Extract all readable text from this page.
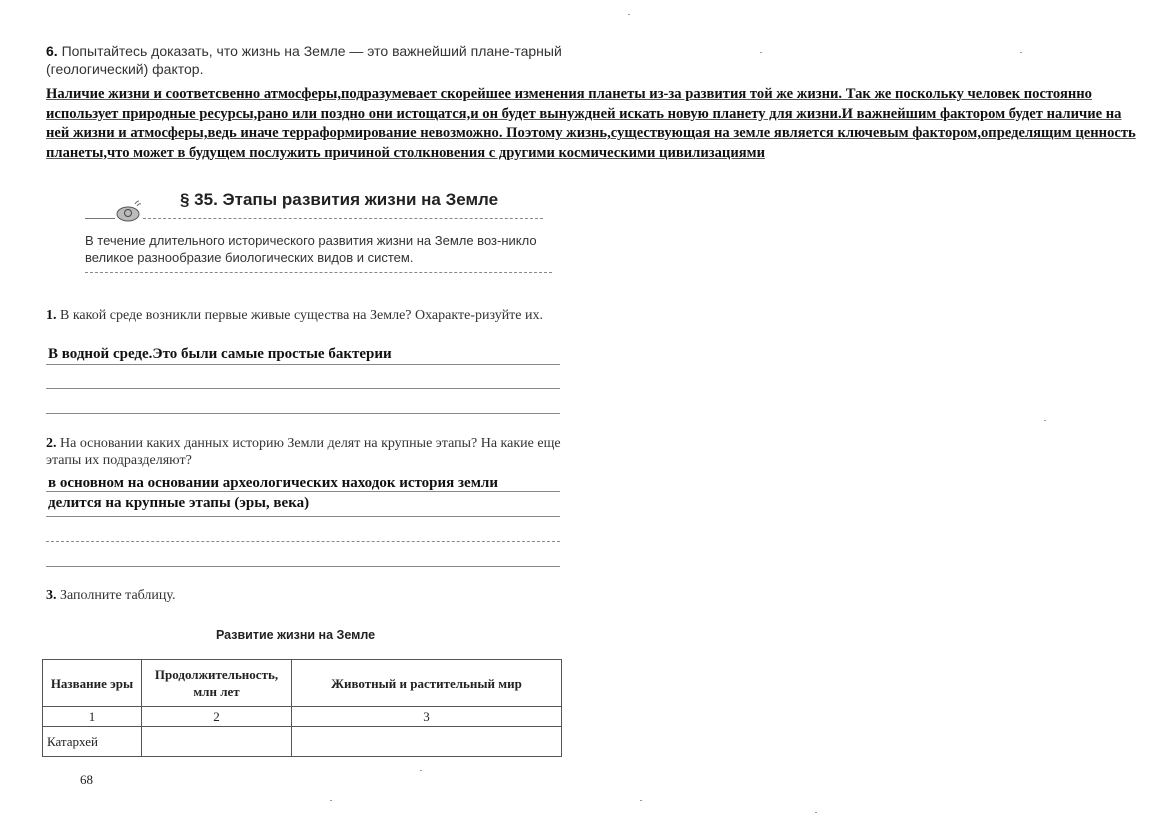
6. Попытайтесь доказать, что жизнь на Земле — это важнейший плане-тарный (геологический) фактор.
Наличие жизни и соответсвенно атмосферы,подразумевает скорейшее изменения планеты из-за развития той же жизни. Так же поскольку человек постоянно использует природные ресурсы,рано или поздно они истощатся,и он будет вынуждней искать новую планету для жизни.И важнейшим фактором будет наличие на ней жизни и атмосферы,ведь иначе терраформирование невозможно. Поэтому жизнь,существующая на земле является ключевым фактором,определящим ценность планеты,что может в будущем послужить причиной столкновения с другими космическими цивилизациями
§ 35. Этапы развития жизни на Земле
В течение длительного исторического развития жизни на Земле воз-никло великое разнообразие биологических видов и систем.
1. В какой среде возникли первые живые существа на Земле? Охаракте-ризуйте их.
В водной среде.Это были самые простые бактерии
2. На основании каких данных историю Земли делят на крупные этапы? На какие еще этапы их подразделяют?
в основном на основании археологических находок история земли
делится на крупные этапы (эры, века)
3. Заполните таблицу.
Развитие жизни на Земле
Название эры	Продолжительность, млн лет	Животный и растительный мир
1	2	3
Катархей		
68
